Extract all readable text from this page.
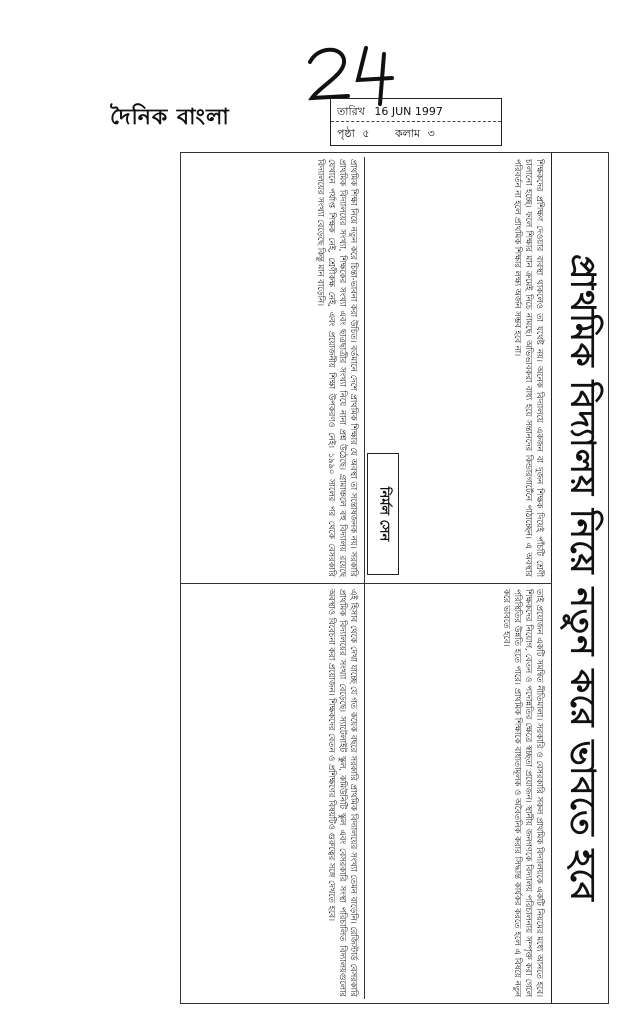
24
দৈনিক বাংলা	তারিখ 16 JUN 1997
পৃষ্ঠা ৫ কলাম ৩
প্রাথমিক বিদ্যালয় নিয়ে নতুন করে ভাবতে হবে
প্রাথমিক শিক্ষা নিয়ে নতুন করে চিন্তা-ভাবনা করা উচিত। বর্তমানে দেশে প্রাথমিক শিক্ষার যে অবস্থা তা সন্তোষজনক নয়। সরকারি প্রাথমিক বিদ্যালয়ের সংখ্যা, শিক্ষকের সংখ্যা এবং ছাত্রছাত্রীর সংখ্যা নিয়ে নানা প্রশ্ন উঠেছে। গ্রামাঞ্চলে বহু বিদ্যালয় রয়েছে যেখানে পর্যাপ্ত শিক্ষক নেই, শ্রেণীকক্ষ নেই, এবং প্রয়োজনীয় শিক্ষা উপকরণও নেই। ১৯৯০ সালের পর থেকে বেসরকারি বিদ্যালয়ের সংখ্যা বেড়েছে কিন্তু মান বাড়েনি।
এই হিসাব থেকে দেখা যাচ্ছে যে গত কয়েক বছরে সরকারি প্রাথমিক বিদ্যালয়ের সংখ্যা তেমন বাড়েনি। রেজিস্টার্ড বেসরকারি প্রাথমিক বিদ্যালয়ের সংখ্যা বেড়েছে। স্যাটেলাইট স্কুল, কমিউনিটি স্কুল এবং বেসরকারি সংস্থা পরিচালিত বিদ্যালয়গুলোর অবস্থাও বিবেচনা করা প্রয়োজন। শিক্ষকদের বেতন ও প্রশিক্ষণের বিষয়টিও গুরুত্বের সঙ্গে দেখতে হবে।
শিক্ষকদের প্রশিক্ষণ দেওয়ার ব্যবস্থা থাকলেও তা যথেষ্ট নয়। অনেক বিদ্যালয়ে একজন বা দুজন শিক্ষক দিয়েই পাঁচটি শ্রেণী চালানো হচ্ছে। ফলে শিক্ষার মান ক্রমেই নিচে নামছে। অভিভাবকরা বাধ্য হয়ে সন্তানদের কিন্ডারগার্টেনে পাঠাচ্ছেন। এ অবস্থার পরিবর্তন না হলে প্রাথমিক শিক্ষার লক্ষ্য অর্জন সম্ভব হবে না।
তাই প্রয়োজন একটি সমন্বিত নীতিমালা। সরকারি ও বেসরকারি সকল প্রাথমিক বিদ্যালয়কে একটি নিয়মের মধ্যে আনতে হবে। শিক্ষকদের নিয়োগ, বেতন ও পদোন্নতির ক্ষেত্রে স্বচ্ছতা প্রয়োজন। স্থানীয় জনগণকে বিদ্যালয় পরিচালনায় সম্পৃক্ত করা গেলে পরিস্থিতির উন্নতি হতে পারে। প্রাথমিক শিক্ষাকে বাধ্যতামূলক ও অবৈতনিক করার সিদ্ধান্ত কার্যকর করতে হলে এ বিষয়ে নতুন করে ভাবতে হবে।
নির্মল সেন
